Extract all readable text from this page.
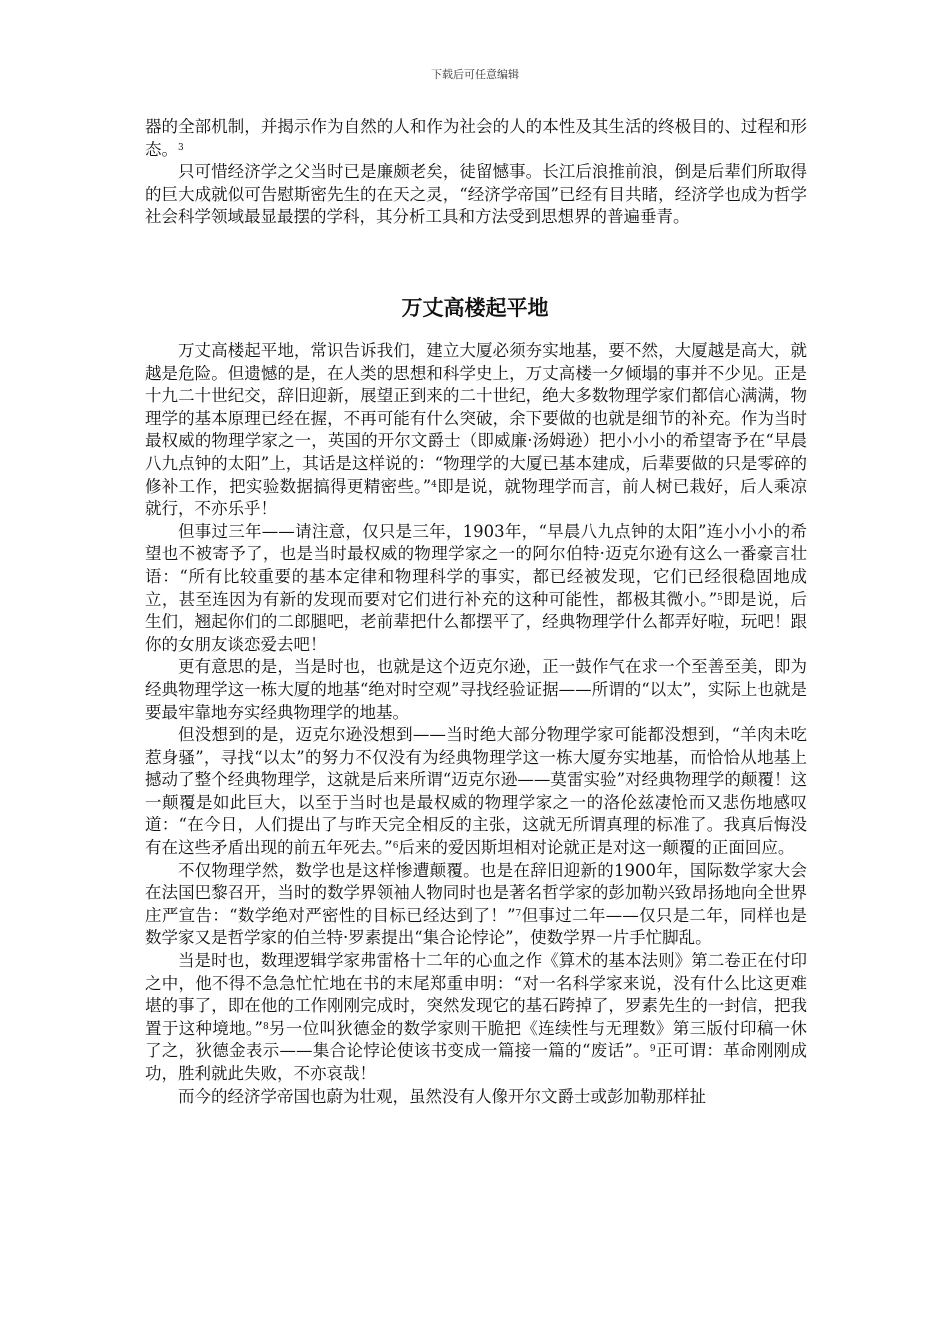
下载后可任意编辑

器的全部机制，并揭示作为自然的人和作为社会的人的本性及其生活的终极目的、过程和形态。$^3$

只可惜经济学之父当时已是廉颇老矣，徒留憾事。长江后浪推前浪，倒是后辈们所取得的巨大成就似可告慰斯密先生的在天之灵，“经济学帝国”已经有目共睹，经济学也成为哲学社会科学领域最显最摆的学科，其分析工具和方法受到思想界的普遍垂青。

万丈高楼起平地

万丈高楼起平地，常识告诉我们，建立大厦必须夯实地基，要不然，大厦越是高大，就越是危险。但遗憾的是，在人类的思想和科学史上，万丈高楼一夕倾塌的事并不少见。正是十九二十世纪交，辞旧迎新，展望正到来的二十世纪，绝大多数物理学家们都信心满满，物理学的基本原理已经在握，不再可能有什么突破，余下要做的也就是细节的补充。作为当时最权威的物理学家之一，英国的开尔文爵士（即威廉·汤姆逊）把小小小的希望寄予在“早晨八九点钟的太阳”上，其话是这样说的：“物理学的大厦已基本建成，后辈要做的只是零碎的修补工作，把实验数据搞得更精密些。”$^4$即是说，就物理学而言，前人树已栽好，后人乘凉就行，不亦乐乎！

但事过三年——请注意，仅只是三年，1903年，“早晨八九点钟的太阳”连小小小的希望也不被寄予了，也是当时最权威的物理学家之一的阿尔伯特·迈克尔逊有这么一番豪言壮语：“所有比较重要的基本定律和物理科学的事实，都已经被发现，它们已经很稳固地成立，甚至连因为有新的发现而要对它们进行补充的这种可能性，都极其微小。”$^5$即是说，后生们，翘起你们的二郎腿吧，老前辈把什么都摆平了，经典物理学什么都弄好啦，玩吧！跟你的女朋友谈恋爱去吧！

更有意思的是，当是时也，也就是这个迈克尔逊，正一鼓作气在求一个至善至美，即为经典物理学这一栋大厦的地基“绝对时空观”寻找经验证据——所谓的“以太”，实际上也就是要最牢靠地夯实经典物理学的地基。

但没想到的是，迈克尔逊没想到——当时绝大部分物理学家可能都没想到，“羊肉未吃惹身骚”，寻找“以太”的努力不仅没有为经典物理学这一栋大厦夯实地基，而恰恰从地基上撼动了整个经典物理学，这就是后来所谓“迈克尔逊——莫雷实验”对经典物理学的颠覆！这一颠覆是如此巨大，以至于当时也是最权威的物理学家之一的洛伦兹凄怆而又悲伤地感叹道：“在今日，人们提出了与昨天完全相反的主张，这就无所谓真理的标准了。我真后悔没有在这些矛盾出现的前五年死去。”$^6$后来的爱因斯坦相对论就正是对这一颠覆的正面回应。

不仅物理学然，数学也是这样惨遭颠覆。也是在辞旧迎新的1900年，国际数学家大会在法国巴黎召开，当时的数学界领袖人物同时也是著名哲学家的彭加勒兴致昂扬地向全世界庄严宣告：“数学绝对严密性的目标已经达到了！”$^7$但事过二年——仅只是二年，同样也是数学家又是哲学家的伯兰特·罗素提出“集合论悖论”，使数学界一片手忙脚乱。

当是时也，数理逻辑学家弗雷格十二年的心血之作《算术的基本法则》第二卷正在付印之中，他不得不急急忙忙地在书的末尾郑重申明：“对一名科学家来说，没有什么比这更难堪的事了，即在他的工作刚刚完成时，突然发现它的基石跨掉了，罗素先生的一封信，把我置于这种境地。”$^8$另一位叫狄德金的数学家则干脆把《连续性与无理数》第三版付印稿一休了之，狄德金表示——集合论悖论使该书变成一篇接一篇的“废话”。$^9$正可谓：革命刚刚成功，胜利就此失败，不亦哀哉！

而今的经济学帝国也蔚为壮观，虽然没有人像开尔文爵士或彭加勒那样扯
